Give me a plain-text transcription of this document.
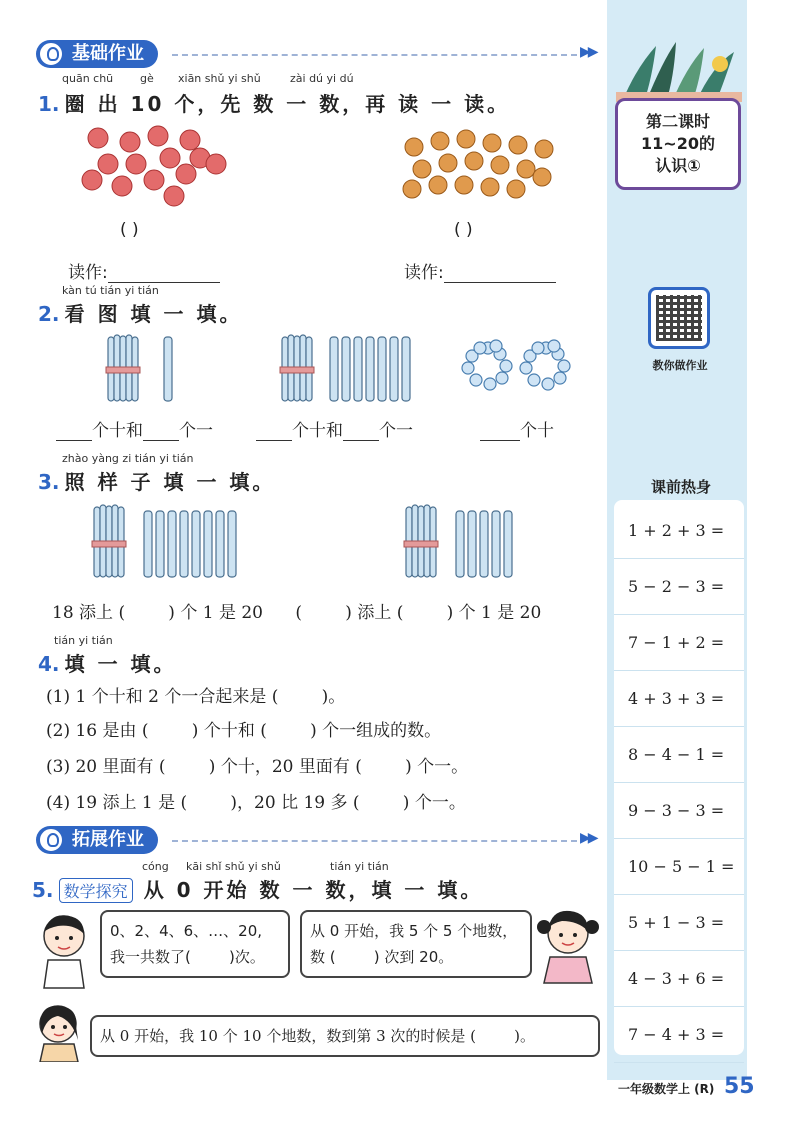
基础作业	▶▶
quān chū gè xiān shǔ yi shǔ	zài dú yi dú
1. 圈 出 10 个，先 数 一 数，再 读 一 读。
( )	( )
读作:	读作:
kàn tú tián yi tián
2. 看 图 填 一 填。
个十和 个一	个十和 个一	个十
zhào yàng zi tián yi tián
3. 照 样 子 填 一 填。
18 添上 (        ) 个 1 是 20      (        ) 添上 (        ) 个 1 是 20
tián yi tián
4. 填 一 填。
(1) 1 个十和 2 个一合起来是 (        )。
(2) 16 是由 (        ) 个十和 (        ) 个一组成的数。
(3) 20 里面有 (        ) 个十，20 里面有 (        ) 个一。
(4) 19 添上 1 是 (        )，20 比 19 多 (        ) 个一。
拓展作业	▶▶
cóng kāi shǐ shǔ yi shǔ	tián yi tián
5. 数学探究 从 0 开始 数 一 数，填 一 填。
0、2、4、6、…、20,
我一共数了(        )次。
从 0 开始，我 5 个 5 个地数，
数 (        ) 次到 20。
从 0 开始，我 10 个 10 个地数，数到第 3 次的时候是 (        )。
第二课时
11~20的
认识①
教你做作业
课前热身
1 + 2 + 3 =
5 − 2 − 3 =
7 − 1 + 2 =
4 + 3 + 3 =
8 − 4 − 1 =
9 − 3 − 3 =
10 − 5 − 1 =
5 + 1 − 3 =
4 − 3 + 6 =
7 − 4 + 3 =
一年级数学上 (R) 55
